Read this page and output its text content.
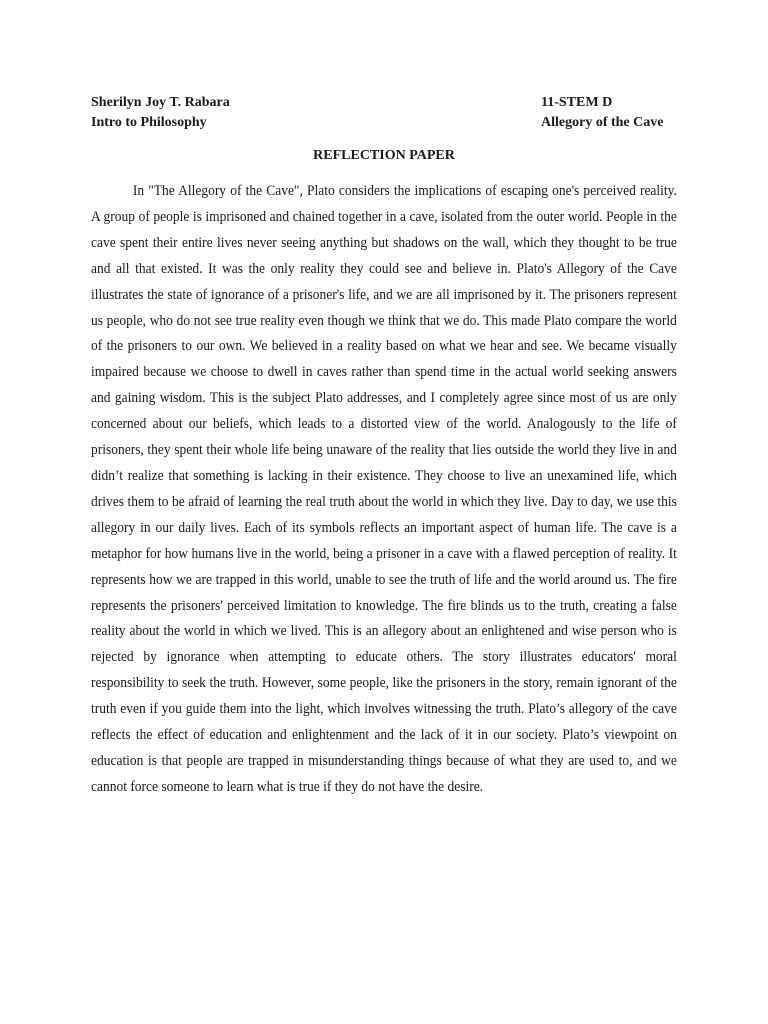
Sherilyn Joy T. Rabara	11-STEM D
Intro to Philosophy	Allegory of the Cave
REFLECTION PAPER

In "The Allegory of the Cave", Plato considers the implications of escaping one's perceived reality. A group of people is imprisoned and chained together in a cave, isolated from the outer world. People in the cave spent their entire lives never seeing anything but shadows on the wall, which they thought to be true and all that existed. It was the only reality they could see and believe in. Plato's Allegory of the Cave illustrates the state of ignorance of a prisoner's life, and we are all imprisoned by it. The prisoners represent us people, who do not see true reality even though we think that we do. This made Plato compare the world of the prisoners to our own. We believed in a reality based on what we hear and see. We became visually impaired because we choose to dwell in caves rather than spend time in the actual world seeking answers and gaining wisdom. This is the subject Plato addresses, and I completely agree since most of us are only concerned about our beliefs, which leads to a distorted view of the world. Analogously to the life of prisoners, they spent their whole life being unaware of the reality that lies outside the world they live in and didn’t realize that something is lacking in their existence. They choose to live an unexamined life, which drives them to be afraid of learning the real truth about the world in which they live. Day to day, we use this allegory in our daily lives. Each of its symbols reflects an important aspect of human life. The cave is a metaphor for how humans live in the world, being a prisoner in a cave with a flawed perception of reality. It represents how we are trapped in this world, unable to see the truth of life and the world around us. The fire represents the prisoners' perceived limitation to knowledge. The fire blinds us to the truth, creating a false reality about the world in which we lived. This is an allegory about an enlightened and wise person who is rejected by ignorance when attempting to educate others. The story illustrates educators' moral responsibility to seek the truth. However, some people, like the prisoners in the story, remain ignorant of the truth even if you guide them into the light, which involves witnessing the truth. Plato’s allegory of the cave reflects the effect of education and enlightenment and the lack of it in our society. Plato’s viewpoint on education is that people are trapped in misunderstanding things because of what they are used to, and we cannot force someone to learn what is true if they do not have the desire.
